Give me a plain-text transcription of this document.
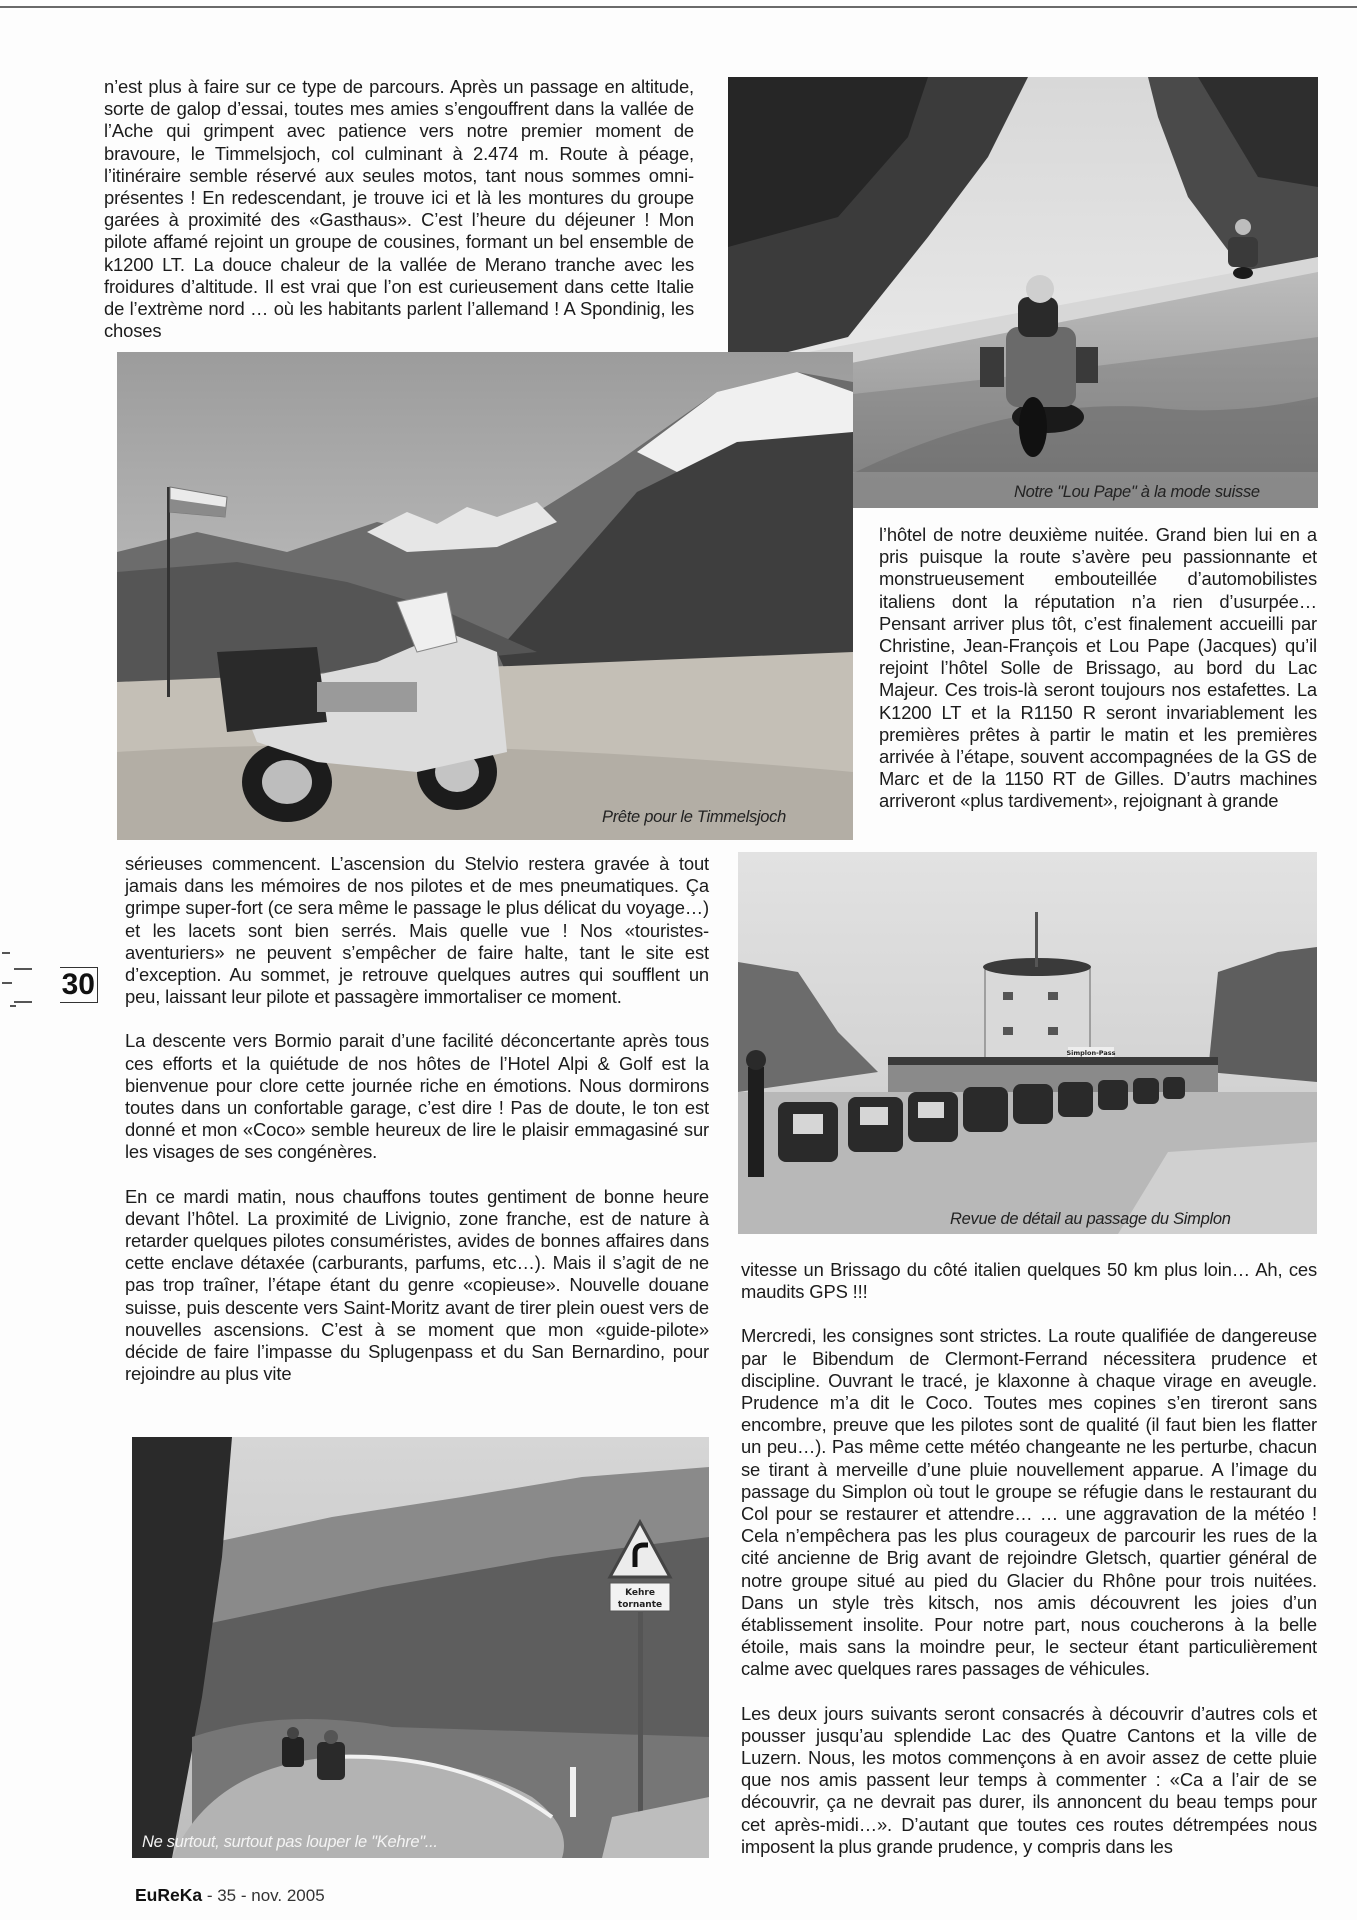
n’est plus à faire sur ce type de parcours. Après un passage en altitude, sorte de galop d’essai, toutes mes amies s’engouffrent dans la vallée de l’Ache qui grimpent avec patience vers notre premier moment de bravoure, le Timmelsjoch, col culminant à 2.474 m. Route à péage, l’itinéraire semble réservé aux seules motos, tant nous sommes omni-présentes ! En redescendant, je trouve ici et là les montures du groupe garées à proximité des «Gasthaus». C’est l’heure du déjeuner ! Mon pilote affamé rejoint un groupe de cousines, formant un bel ensemble de k1200 LT. La douce chaleur de la vallée de Merano tranche avec les froidures d’altitude. Il est vrai que l’on est curieusement dans cette Italie de l’extrème nord … où les habitants parlent l’allemand ! A Spondinig, les choses

Notre "Lou Pape" à la mode suisse
Prête pour le Timmelsjoch

l’hôtel de notre deuxième nuitée. Grand bien lui en a pris puisque la route s’avère peu passionnante et monstrueusement embouteillée d’automobilistes italiens dont la réputation n’a rien d’usurpée… Pensant arriver plus tôt, c’est finalement accueilli par Christine, Jean-François et Lou Pape (Jacques) qu’il rejoint l’hôtel Solle de Brissago, au bord du Lac Majeur. Ces trois-là seront toujours nos estafettes. La K1200 LT et la R1150 R seront invariablement les premières prêtes à partir le matin et les premières arrivée à l’étape, souvent accompagnées de la GS de Marc et de la 1150 RT de Gilles. D’autrs machines arriveront «plus tardivement», rejoignant à grande

30

sérieuses commencent. L’ascension du Stelvio restera gravée à tout jamais dans les mémoires de nos pilotes et de mes pneumatiques. Ça grimpe super-fort (ce sera même le passage le plus délicat du voyage…) et les lacets sont bien serrés. Mais quelle vue ! Nos «touristes-aventuriers» ne peuvent s’empêcher de faire halte, tant le site est d’exception. Au sommet, je retrouve quelques autres qui soufflent un peu, laissant leur pilote et passagère immortaliser ce moment.

La descente vers Bormio parait d’une facilité déconcertante après tous ces efforts et la quiétude de nos hôtes de l’Hotel Alpi & Golf est la bienvenue pour clore cette journée riche en émotions. Nous dormirons toutes dans un confortable garage, c’est dire ! Pas de doute, le ton est donné et mon «Coco» semble heureux de lire le plaisir emmagasiné sur les visages de ses congénères.

En ce mardi matin, nous chauffons toutes gentiment de bonne heure devant l’hôtel. La proximité de Livignio, zone franche, est de nature à retarder quelques pilotes consuméristes, avides de bonnes affaires dans cette enclave détaxée (carburants, parfums, etc…). Mais il s’agit de ne pas trop traîner, l’étape étant du genre «copieuse». Nouvelle douane suisse, puis descente vers Saint-Moritz avant de tirer plein ouest vers de nouvelles ascensions. C’est à se moment que mon «guide-pilote» décide de faire l’impasse du Splugenpass et du San Bernardino, pour rejoindre au plus vite

Simplon-Pass
Revue de détail au passage du Simplon

vitesse un Brissago du côté italien quelques 50 km plus loin… Ah, ces maudits GPS !!!

Mercredi, les consignes sont strictes. La route qualifiée de dangereuse par le Bibendum de Clermont-Ferrand nécessitera prudence et discipline. Ouvrant le tracé, je klaxonne à chaque virage en aveugle. Prudence m’a dit le Coco. Toutes mes copines s’en tireront sans encombre, preuve que les pilotes sont de qualité (il faut bien les flatter un peu…). Pas même cette météo changeante ne les perturbe, chacun se tirant à merveille d’une pluie nouvellement apparue. A l’image du passage du Simplon où tout le groupe se réfugie dans le restaurant du Col pour se restaurer et attendre… … une aggravation de la météo ! Cela n’empêchera pas les plus courageux de parcourir les rues de la cité ancienne de Brig avant de rejoindre Gletsch, quartier général de notre groupe situé au pied du Glacier du Rhône pour trois nuitées. Dans un style très kitsch, nos amis découvrent les joies d’un établissement insolite. Pour notre part, nous coucherons à la belle étoile, mais sans la moindre peur, le secteur étant particulièrement calme avec quelques rares passages de véhicules.

Les deux jours suivants seront consacrés à découvrir d’autres cols et pousser jusqu’au splendide Lac des Quatre Cantons et la ville de Luzern. Nous, les motos commençons à en avoir assez de cette pluie que nos amis passent leur temps à commenter : «Ca a l’air de se découvrir, ça ne devrait pas durer, ils annoncent du beau temps pour cet après-midi…». D’autant que toutes ces routes détrempées nous imposent la plus grande prudence, y compris dans les

Kehre
tornante
Ne surtout, surtout pas louper le "Kehre"...
EuReKa - 35 - nov. 2005
